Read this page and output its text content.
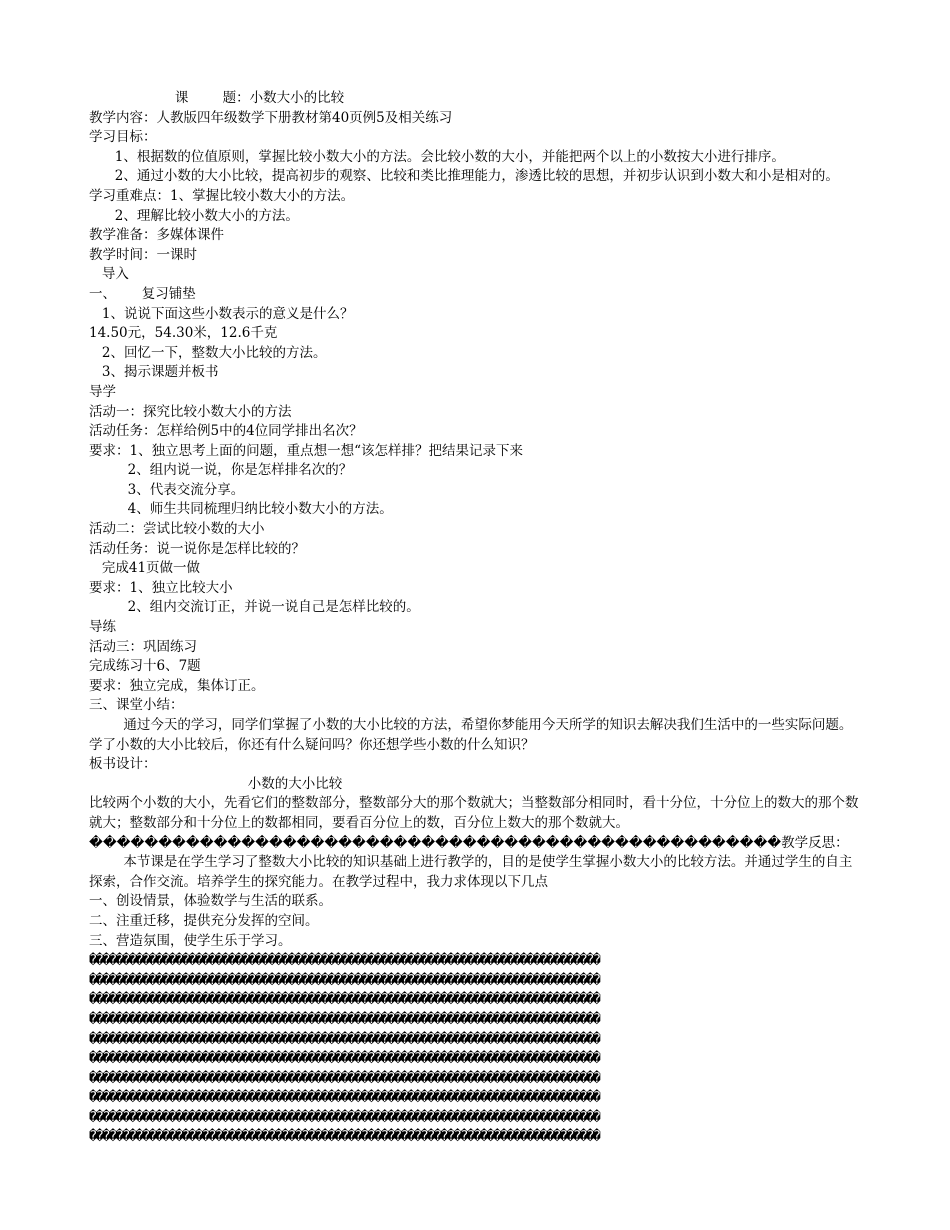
课        题：小数大小的比较
教学内容：人教版四年级数学下册教材第40页例5及相关练习
学习目标：
1、根据数的位值原则，掌握比较小数大小的方法。会比较小数的大小，并能把两个以上的小数按大小进行排序。
2、通过小数的大小比较，提高初步的观察、比较和类比推理能力，渗透比较的思想，并初步认识到小数大和小是相对的。
学习重难点：1、掌握比较小数大小的方法。
2、理解比较小数大小的方法。
教学准备：多媒体课件
教学时间：一课时
导入
一、      复习铺垫
1、说说下面这些小数表示的意义是什么？
14.50元，54.30米，12.6千克
2、回忆一下，整数大小比较的方法。
3、揭示课题并板书
导学
活动一：探究比较小数大小的方法
活动任务：怎样给例5中的4位同学排出名次？
要求：1、独立思考上面的问题，重点想一想“该怎样排？把结果记录下来
2、组内说一说，你是怎样排名次的？
3、代表交流分享。
4、师生共同梳理归纳比较小数大小的方法。
活动二：尝试比较小数的大小
活动任务：说一说你是怎样比较的？
完成41页做一做
要求：1、独立比较大小
2、组内交流订正，并说一说自己是怎样比较的。
导练
活动三：巩固练习
完成练习十6、7题
要求：独立完成，集体订正。
三、课堂小结：
通过今天的学习，同学们掌握了小数的大小比较的方法，希望你梦能用今天所学的知识去解决我们生活中的一些实际问题。学了小数的大小比较后，你还有什么疑问吗？你还想学些小数的什么知识？
板书设计：
小数的大小比较
比较两个小数的大小，先看它们的整数部分，整数部分大的那个数就大；当整数部分相同时，看十分位，十分位上的数大的那个数就大；整数部分和十分位上的数都相同，要看百分位上的数，百分位上数大的那个数就大。
��������������������������������������������������教学反思：
本节课是在学生学习了整数大小比较的知识基础上进行教学的，目的是使学生掌握小数大小的比较方法。并通过学生的自主探索，合作交流。培养学生的探究能力。在教学过程中，我力求体现以下几点
一、创设情景，体验数学与生活的联系。
二、注重迁移，提供充分发挥的空间。
三、营造氛围，使学生乐于学习。
�����������������������������������������������������������������������������
�����������������������������������������������������������������������������
�����������������������������������������������������������������������������
�����������������������������������������������������������������������������
�����������������������������������������������������������������������������
�����������������������������������������������������������������������������
�����������������������������������������������������������������������������
�����������������������������������������������������������������������������
�����������������������������������������������������������������������������
�����������������������������������������������������������������������������
